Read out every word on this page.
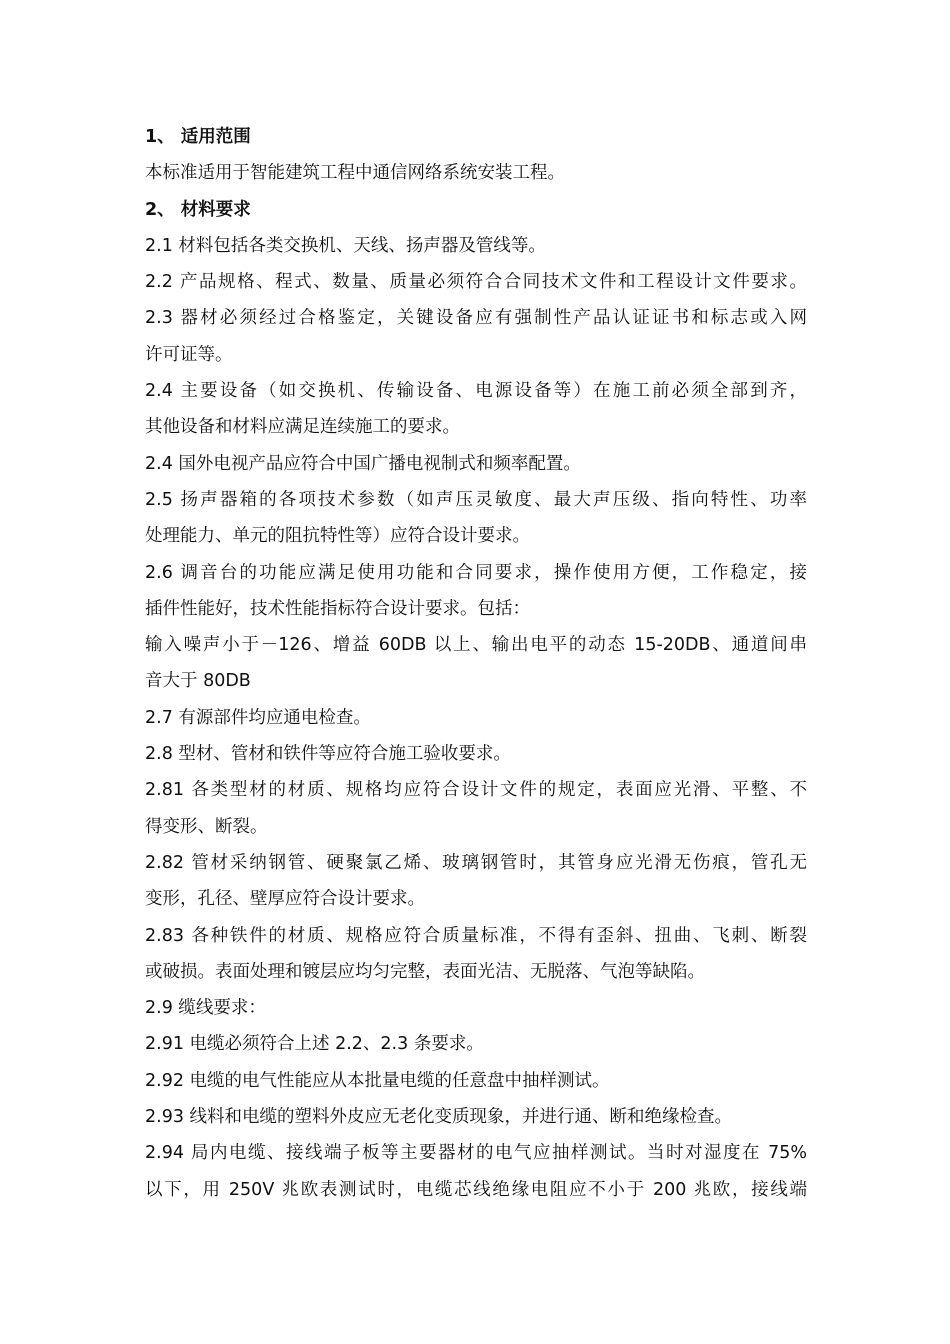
1、 适用范围
本标准适用于智能建筑工程中通信网络系统安装工程。
2、 材料要求
2.1 材料包括各类交换机、天线、扬声器及管线等。
2.2 产品规格、程式、数量、质量必须符合合同技术文件和工程设计文件要求。
2.3 器材必须经过合格鉴定，关键设备应有强制性产品认证证书和标志或入网
许可证等。
2.4 主要设备（如交换机、传输设备、电源设备等）在施工前必须全部到齐，
其他设备和材料应满足连续施工的要求。
2.4 国外电视产品应符合中国广播电视制式和频率配置。
2.5 扬声器箱的各项技术参数（如声压灵敏度、最大声压级、指向特性、功率
处理能力、单元的阻抗特性等）应符合设计要求。
2.6 调音台的功能应满足使用功能和合同要求，操作使用方便，工作稳定，接
插件性能好，技术性能指标符合设计要求。包括：
输入噪声小于－126、增益 60DB 以上、输出电平的动态 15-20DB、通道间串
音大于 80DB
2.7 有源部件均应通电检查。
2.8 型材、管材和铁件等应符合施工验收要求。
2.81 各类型材的材质、规格均应符合设计文件的规定，表面应光滑、平整、不
得变形、断裂。
2.82 管材采纳钢管、硬聚氯乙烯、玻璃钢管时，其管身应光滑无伤痕，管孔无
变形，孔径、壁厚应符合设计要求。
2.83 各种铁件的材质、规格应符合质量标准，不得有歪斜、扭曲、飞刺、断裂
或破损。表面处理和镀层应均匀完整，表面光洁、无脱落、气泡等缺陷。
2.9 缆线要求：
2.91 电缆必须符合上述 2.2、2.3 条要求。
2.92 电缆的电气性能应从本批量电缆的任意盘中抽样测试。
2.93 线料和电缆的塑料外皮应无老化变质现象，并进行通、断和绝缘检查。
2.94 局内电缆、接线端子板等主要器材的电气应抽样测试。当时对湿度在 75%
以下，用 250V 兆欧表测试时，电缆芯线绝缘电阻应不小于 200 兆欧，接线端
